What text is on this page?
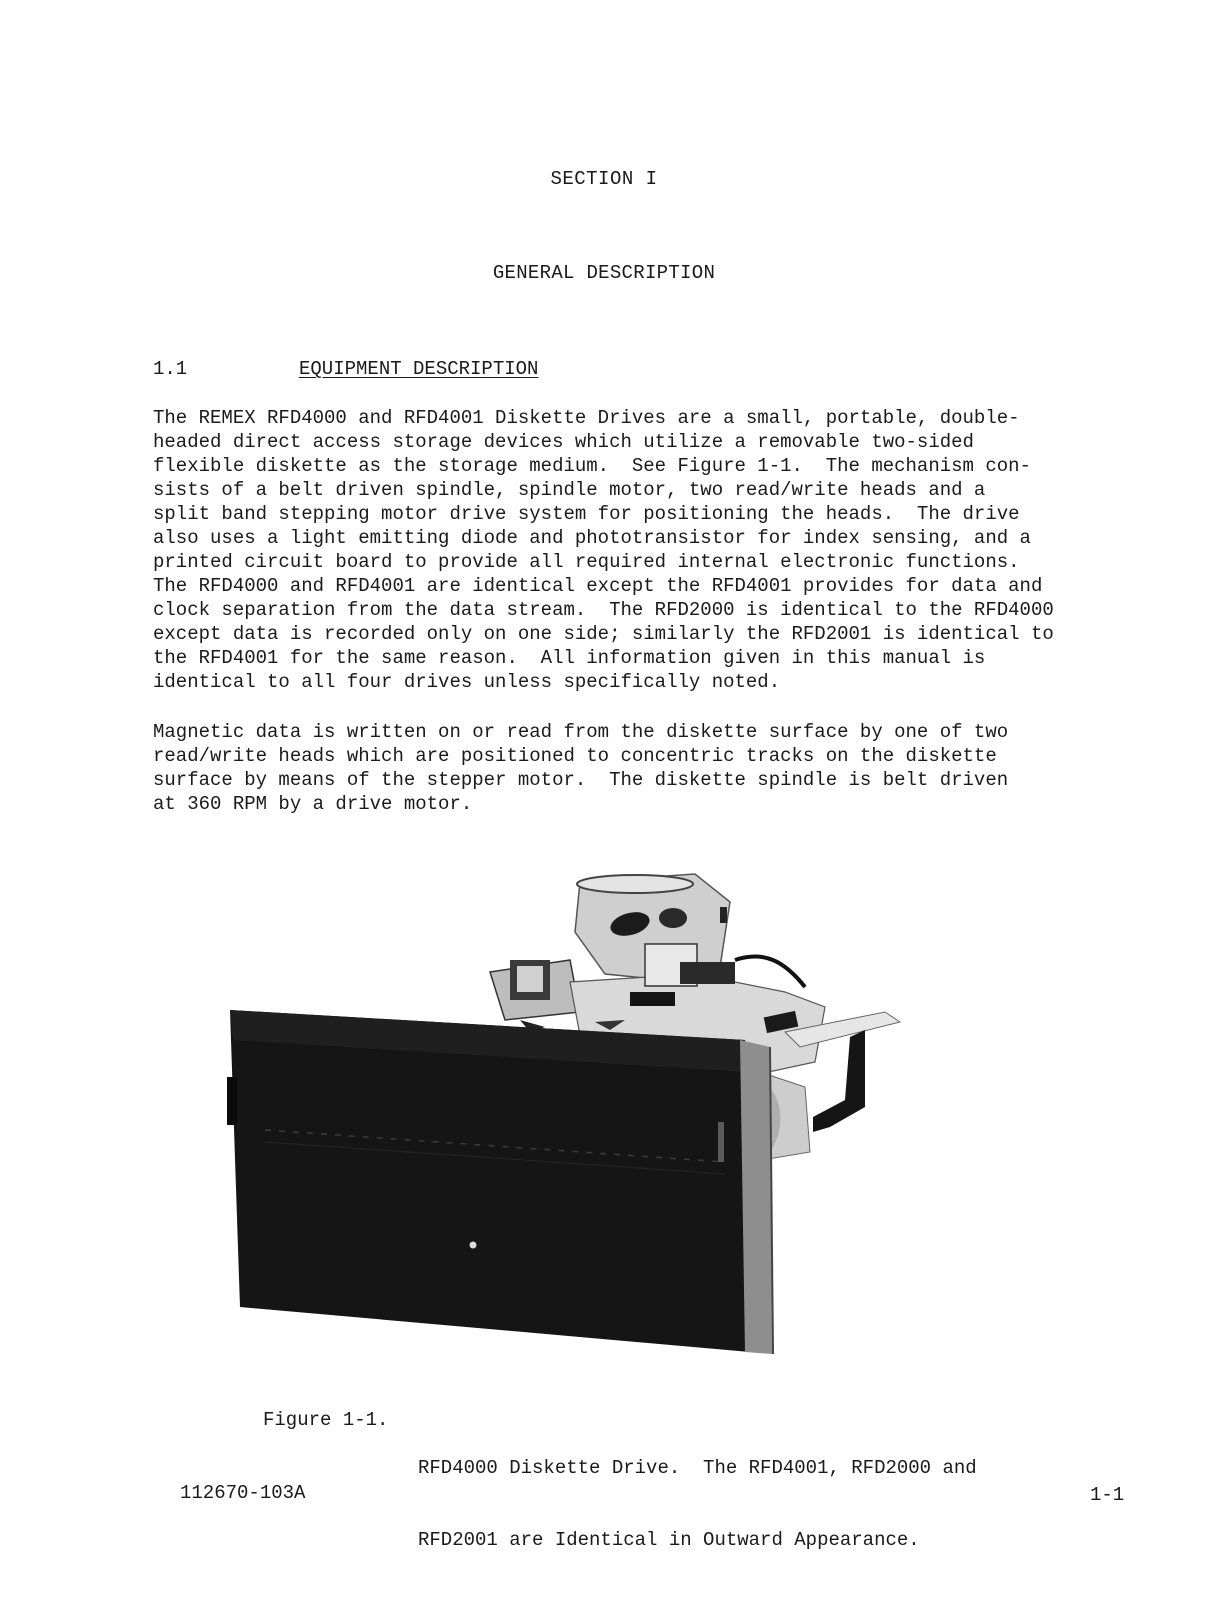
SECTION I
GENERAL DESCRIPTION
1.1	EQUIPMENT DESCRIPTION
The REMEX RFD4000 and RFD4001 Diskette Drives are a small, portable, double-
headed direct access storage devices which utilize a removable two-sided
flexible diskette as the storage medium.  See Figure 1-1.  The mechanism con-
sists of a belt driven spindle, spindle motor, two read/write heads and a
split band stepping motor drive system for positioning the heads.  The drive
also uses a light emitting diode and phototransistor for index sensing, and a
printed circuit board to provide all required internal electronic functions.
The RFD4000 and RFD4001 are identical except the RFD4001 provides for data and
clock separation from the data stream.  The RFD2000 is identical to the RFD4000
except data is recorded only on one side; similarly the RFD2001 is identical to
the RFD4001 for the same reason.  All information given in this manual is
identical to all four drives unless specifically noted.
Magnetic data is written on or read from the diskette surface by one of two
read/write heads which are positioned to concentric tracks on the diskette
surface by means of the stepper motor.  The diskette spindle is belt driven
at 360 RPM by a drive motor.
Figure 1-1.

RFD4000 Diskette Drive.  The RFD4001, RFD2000 and

RFD2001 are Identical in Outward Appearance.

112670-103A	1-1
